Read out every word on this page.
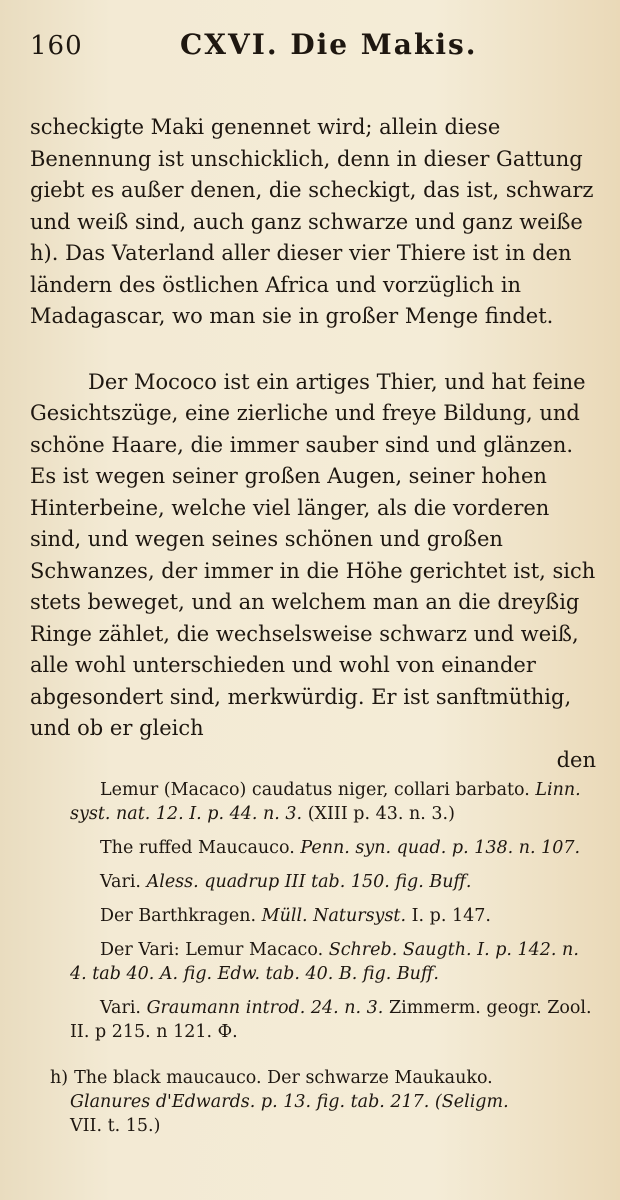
160	CXVI. Die Makis.

scheckigte Maki genennet wird; allein diese Benennung ist unschicklich, denn in dieser Gattung giebt es außer denen, die scheckigt, das ist, schwarz und weiß sind, auch ganz schwarze und ganz weiße h). Das Vaterland aller dieser vier Thiere ist in den ländern des östlichen Africa und vorzüglich in Madagascar, wo man sie in großer Menge findet.

Der Mococo ist ein artiges Thier, und hat feine Gesichtszüge, eine zierliche und freye Bildung, und schöne Haare, die immer sauber sind und glänzen. Es ist wegen seiner großen Augen, seiner hohen Hinterbeine, welche viel länger, als die vorderen sind, und wegen seines schönen und großen Schwanzes, der immer in die Höhe gerichtet ist, sich stets beweget, und an welchem man an die dreyßig Ringe zählet, die wechselsweise schwarz und weiß, alle wohl unterschieden und wohl von einander abgesondert sind, merkwürdig. Er ist sanftmüthig, und ob er gleich

den

Lemur (Macaco) caudatus niger, collari barbato. Linn. syst. nat. 12. I. p. 44. n. 3. (XIII p. 43. n. 3.)

The ruffed Maucauco. Penn. syn. quad. p. 138. n. 107.

Vari. Aless. quadrup III tab. 150. fig. Buff.

Der Barthkragen. Müll. Natursyst. I. p. 147.

Der Vari: Lemur Macaco. Schreb. Saugth. I. p. 142. n. 4. tab 40. A. fig. Edw. tab. 40. B. fig. Buff.

Vari. Graumann introd. 24. n. 3. Zimmerm. geogr. Zool. II. p 215. n 121. Ф.

h) The black maucauco. Der schwarze Maukauko.
Glanures d'Edwards. p. 13. fig. tab. 217. (Seligm.
VII. t. 15.)
